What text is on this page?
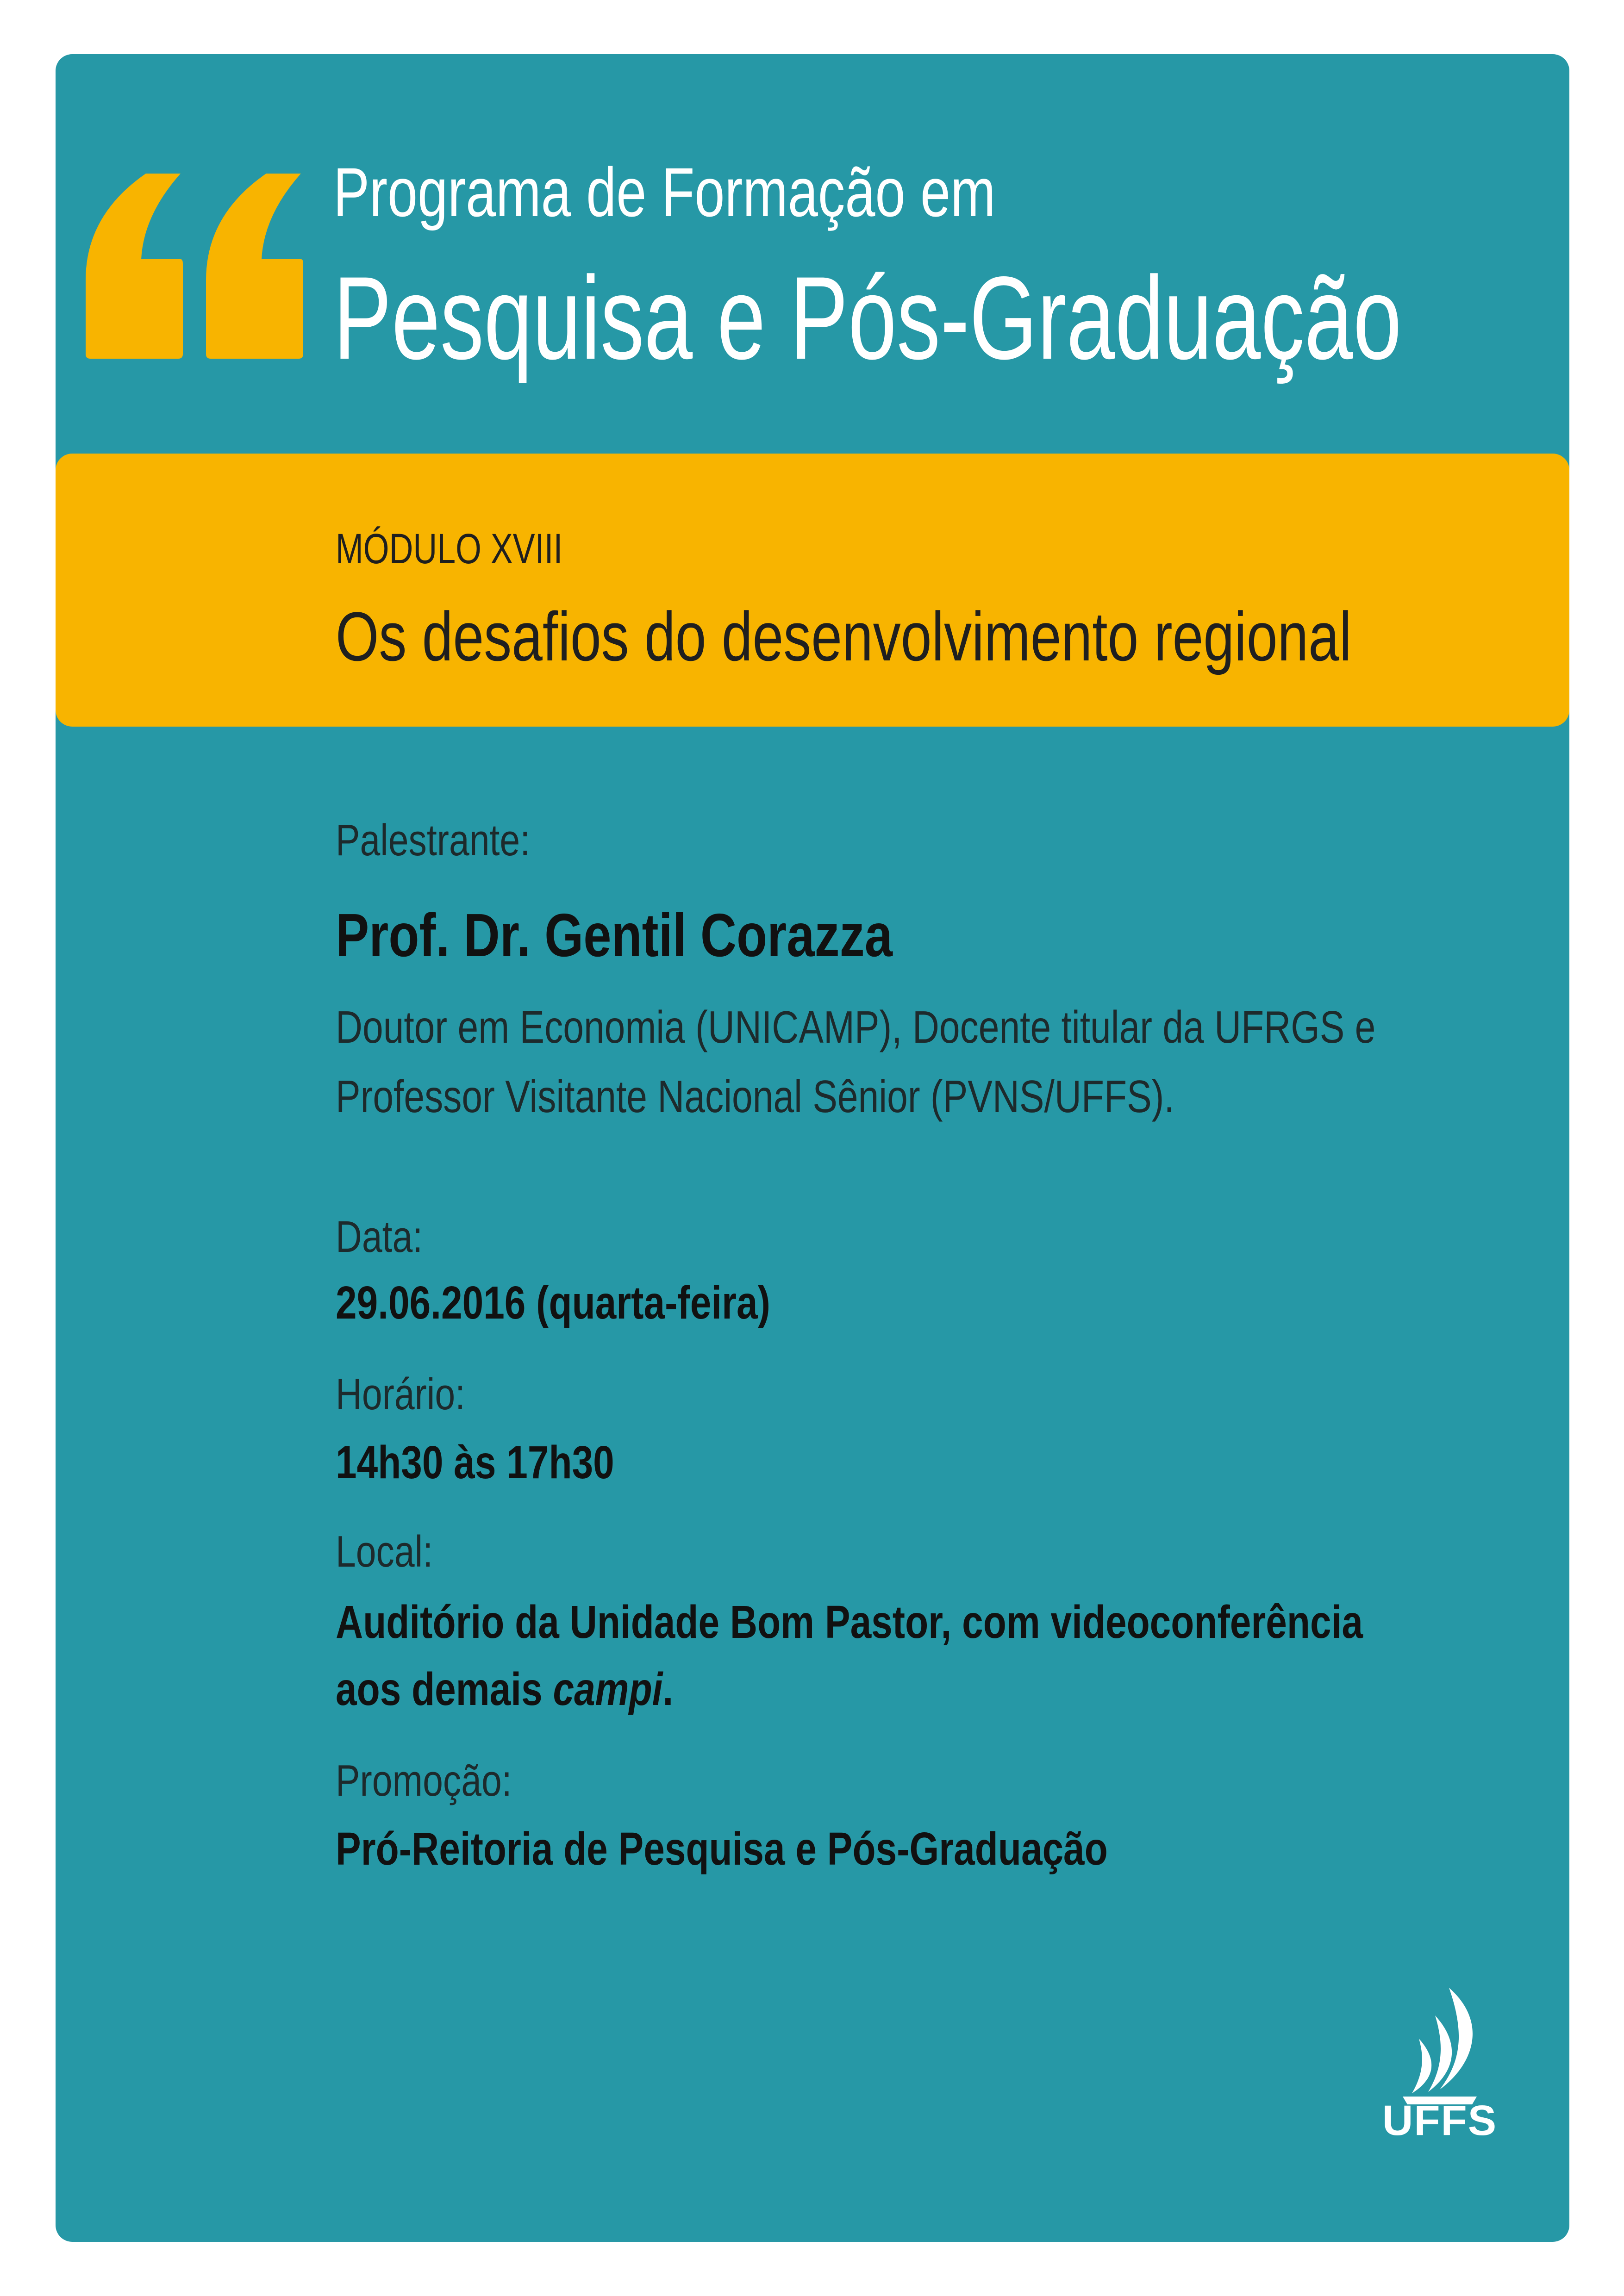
Programa de Formação em
Pesquisa e Pós-Graduação
MÓDULO XVIII
Os desafios do desenvolvimento regional
Palestrante:
Prof. Dr. Gentil Corazza
Doutor em Economia (UNICAMP), Docente titular da UFRGS e
Professor Visitante Nacional Sênior (PVNS/UFFS).
Data:
29.06.2016 (quarta-feira)
Horário:
14h30 às 17h30
Local:
Auditório da Unidade Bom Pastor, com videoconferência
aos demais campi.
Promoção:
Pró-Reitoria de Pesquisa e Pós-Graduação
UFFS
